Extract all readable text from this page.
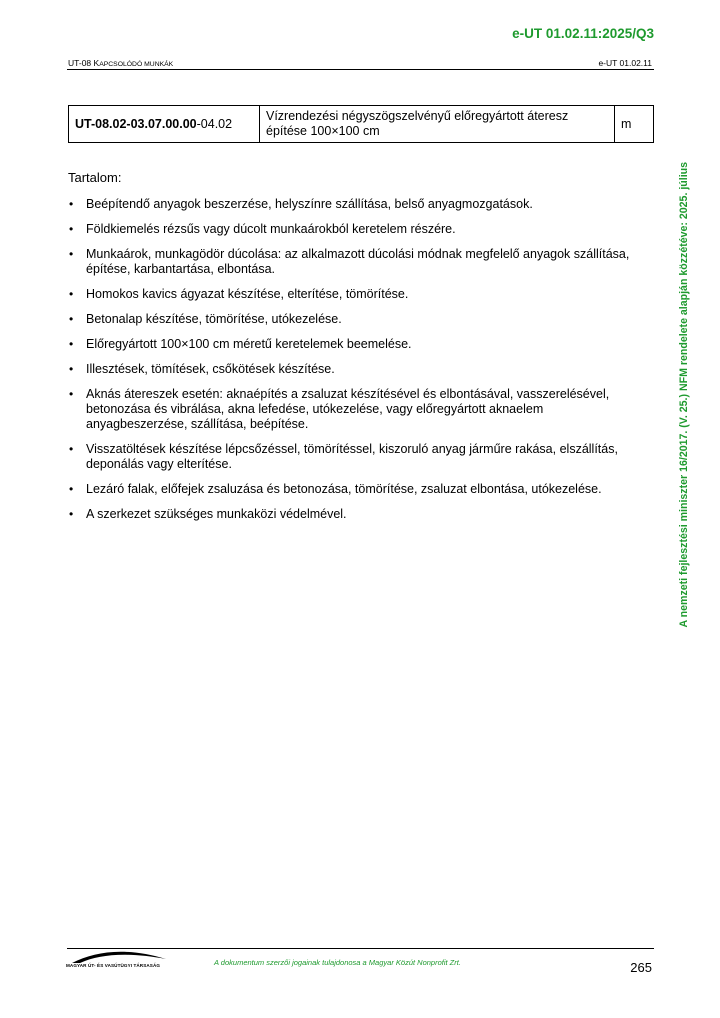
e-UT 01.02.11:2025/Q3
UT-08 KAPCSOLÓDÓ MUNKÁK	e-UT 01.02.11
UT-08.02-03.07.00.00-04.02	Vízrendezési négyszögszelvényű előregyártott áteresz építése 100×100 cm	m
Tartalom:
• Beépítendő anyagok beszerzése, helyszínre szállítása, belső anyagmozgatások.
• Földkiemelés rézsűs vagy dúcolt munkaárokból keretelem részére.
• Munkaárok, munkagödör dúcolása: az alkalmazott dúcolási módnak megfelelő anyagok szállítása, építése, karbantartása, elbontása.
• Homokos kavics ágyazat készítése, elterítése, tömörítése.
• Betonalap készítése, tömörítése, utókezelése.
• Előregyártott 100×100 cm méretű keretelemek beemelése.
• Illesztések, tömítések, csőkötések készítése.
• Aknás átereszek esetén: aknaépítés a zsaluzat készítésével és elbontásával, vasszerelésével, betonozása és vibrálása, akna lefedése, utókezelése, vagy előregyártott aknaelem anyagbeszerzése, szállítása, beépítése.
• Visszatöltések készítése lépcsőzéssel, tömörítéssel, kiszoruló anyag járműre rakása, elszállítás, deponálás vagy elterítése.
• Lezáró falak, előfejek zsaluzása és betonozása, tömörítése, zsaluzat elbontása, utókezelése.
• A szerkezet szükséges munkaközi védelmével.	A nemzeti fejlesztési miniszter 16/2017. (V. 25.) NFM rendelete alapján közzétéve: 2025. július
MAGYAR ÚT- ÉS VASÚTÜGYI TÁRSASÁG	A dokumentum szerzői jogainak tulajdonosa a Magyar Közút Nonprofit Zrt.	265
